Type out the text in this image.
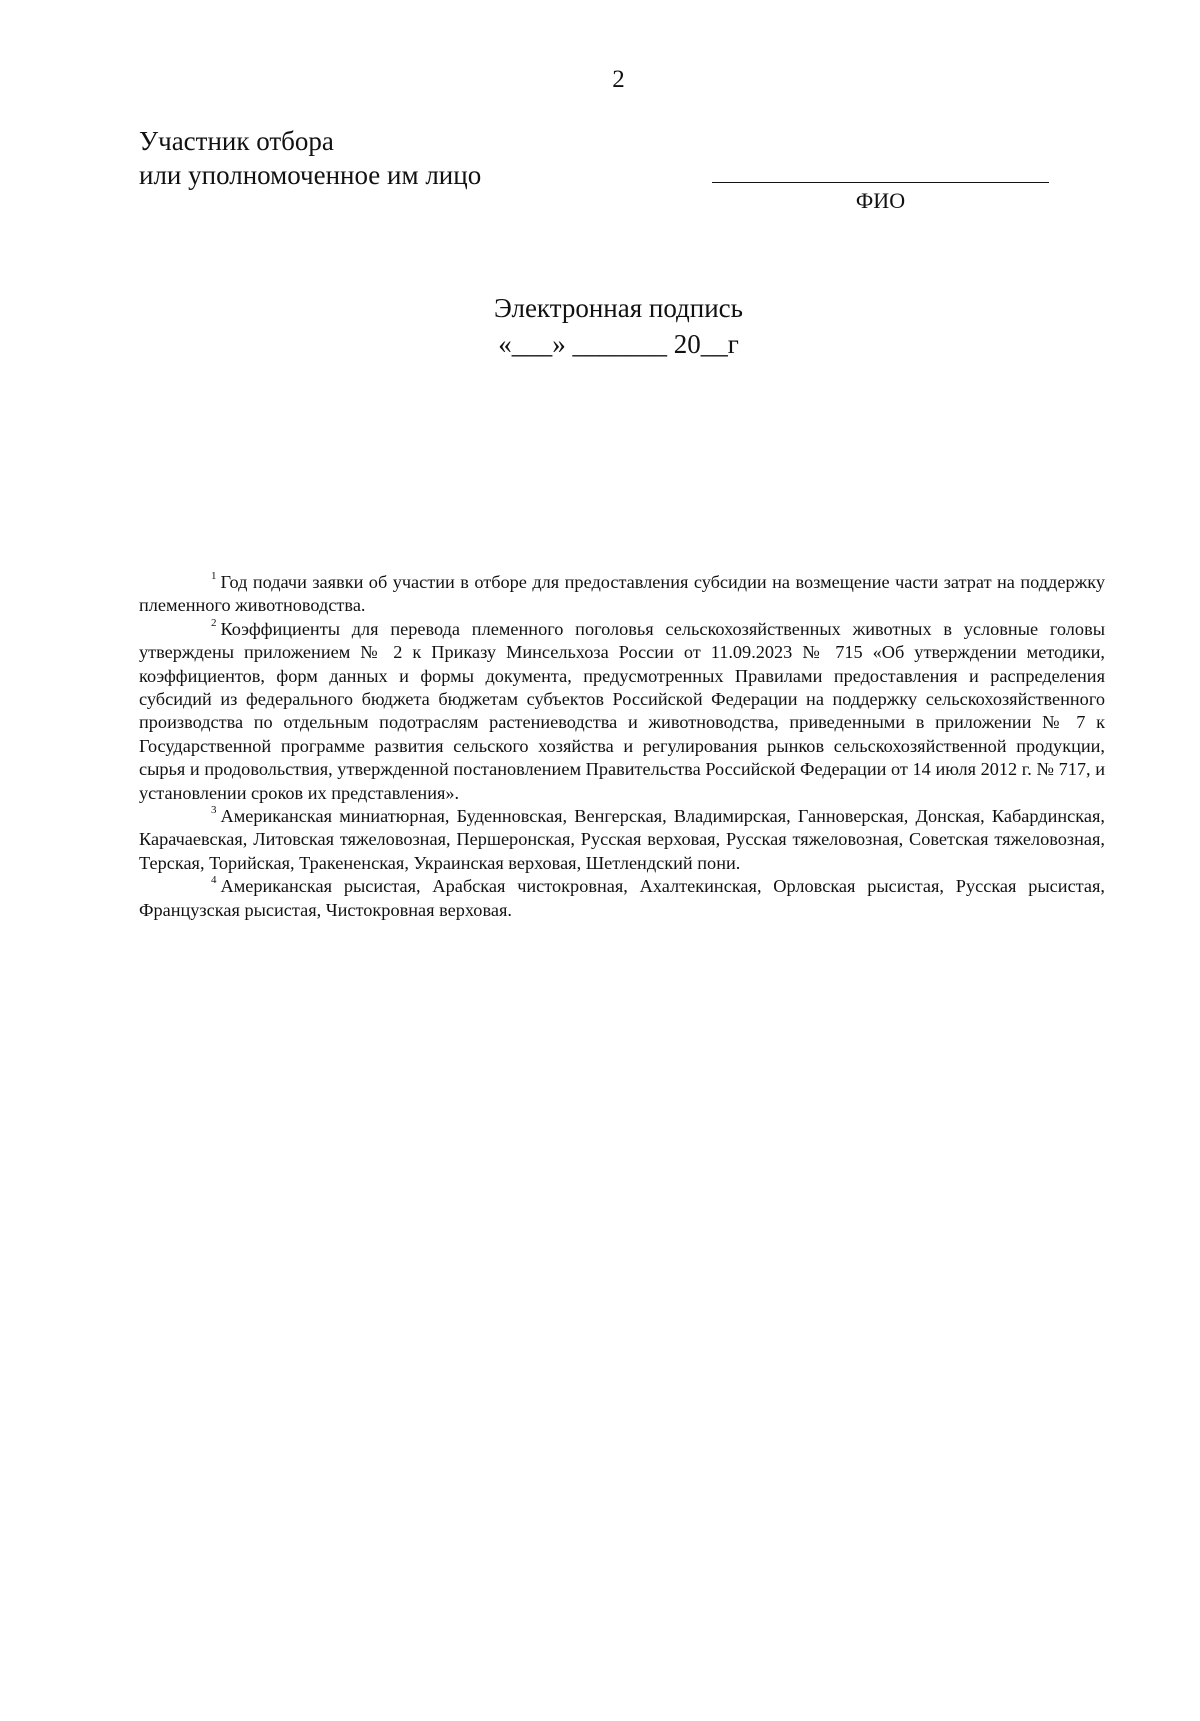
2
Участник отбора
или уполномоченное им лицо
ФИО
Электронная подпись
«___» _______ 20__г

$^1$ Год подачи заявки об участии в отборе для предоставления субсидии на возмещение части затрат на поддержку племенного животноводства.

$^2$ Коэффициенты для перевода племенного поголовья сельскохозяйственных животных в условные головы утверждены приложением № 2 к Приказу Минсельхоза России от 11.09.2023 № 715 «Об утверждении методики, коэффициентов, форм данных и формы документа, предусмотренных Правилами предоставления и распределения субсидий из федерального бюджета бюджетам субъектов Российской Федерации на поддержку сельскохозяйственного производства по отдельным подотраслям растениеводства и животноводства, приведенными в приложении № 7 к Государственной программе развития сельского хозяйства и регулирования рынков сельскохозяйственной продукции, сырья и продовольствия, утвержденной постановлением Правительства Российской Федерации от 14 июля 2012 г. № 717, и установлении сроков их представления».

$^3$ Американская миниатюрная, Буденновская, Венгерская, Владимирская, Ганноверская, Донская, Кабардинская, Карачаевская, Литовская тяжеловозная, Першеронская, Русская верховая, Русская тяжеловозная, Советская тяжеловозная, Терская, Торийская, Тракененская, Украинская верховая, Шетлендский пони.

$^4$ Американская рысистая, Арабская чистокровная, Ахалтекинская, Орловская рысистая, Русская рысистая, Французская рысистая, Чистокровная верховая.
